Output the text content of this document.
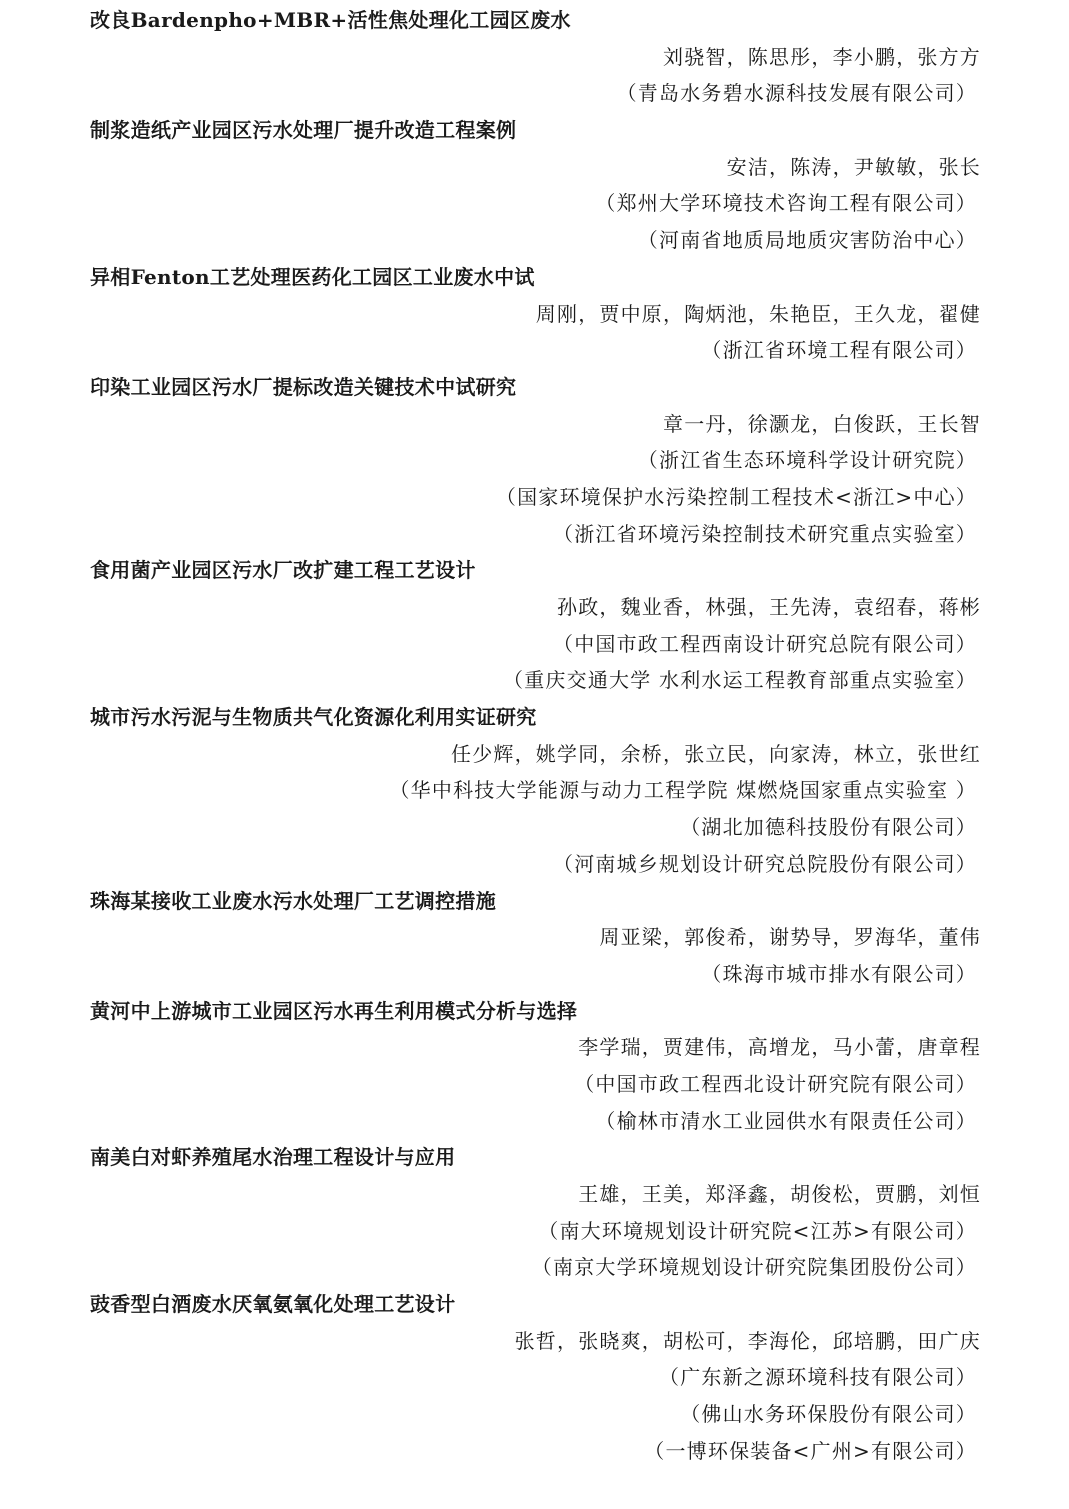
改良Bardenpho+MBR+活性焦处理化工园区废水
刘骁智，陈思彤，李小鹏，张方方
（青岛水务碧水源科技发展有限公司）
制浆造纸产业园区污水处理厂提升改造工程案例
安洁，陈涛，尹敏敏，张长
（郑州大学环境技术咨询工程有限公司）
（河南省地质局地质灾害防治中心）
异相Fenton工艺处理医药化工园区工业废水中试
周刚，贾中原，陶炳池，朱艳臣，王久龙，翟健
（浙江省环境工程有限公司）
印染工业园区污水厂提标改造关键技术中试研究
章一丹，徐灏龙，白俊跃，王长智
（浙江省生态环境科学设计研究院）
（国家环境保护水污染控制工程技术<浙江>中心）
（浙江省环境污染控制技术研究重点实验室）
食用菌产业园区污水厂改扩建工程工艺设计
孙政，魏业香，林强，王先涛，袁绍春，蒋彬
（中国市政工程西南设计研究总院有限公司）
（重庆交通大学 水利水运工程教育部重点实验室）
城市污水污泥与生物质共气化资源化利用实证研究
任少辉，姚学同，余桥，张立民，向家涛，林立，张世红
（华中科技大学能源与动力工程学院 煤燃烧国家重点实验室 ）
（湖北加德科技股份有限公司）
（河南城乡规划设计研究总院股份有限公司）
珠海某接收工业废水污水处理厂工艺调控措施
周亚梁，郭俊希，谢势导，罗海华，董伟
（珠海市城市排水有限公司）
黄河中上游城市工业园区污水再生利用模式分析与选择
李学瑞，贾建伟，高增龙，马小蕾，唐章程
（中国市政工程西北设计研究院有限公司）
（榆林市清水工业园供水有限责任公司）
南美白对虾养殖尾水治理工程设计与应用
王雄，王美，郑泽鑫，胡俊松，贾鹏，刘恒
（南大环境规划设计研究院<江苏>有限公司）
（南京大学环境规划设计研究院集团股份公司）
豉香型白酒废水厌氧氨氧化处理工艺设计
张哲，张晓爽，胡松可，李海伦，邱培鹏，田广庆
（广东新之源环境科技有限公司）
（佛山水务环保股份有限公司）
（一博环保装备<广州>有限公司）
